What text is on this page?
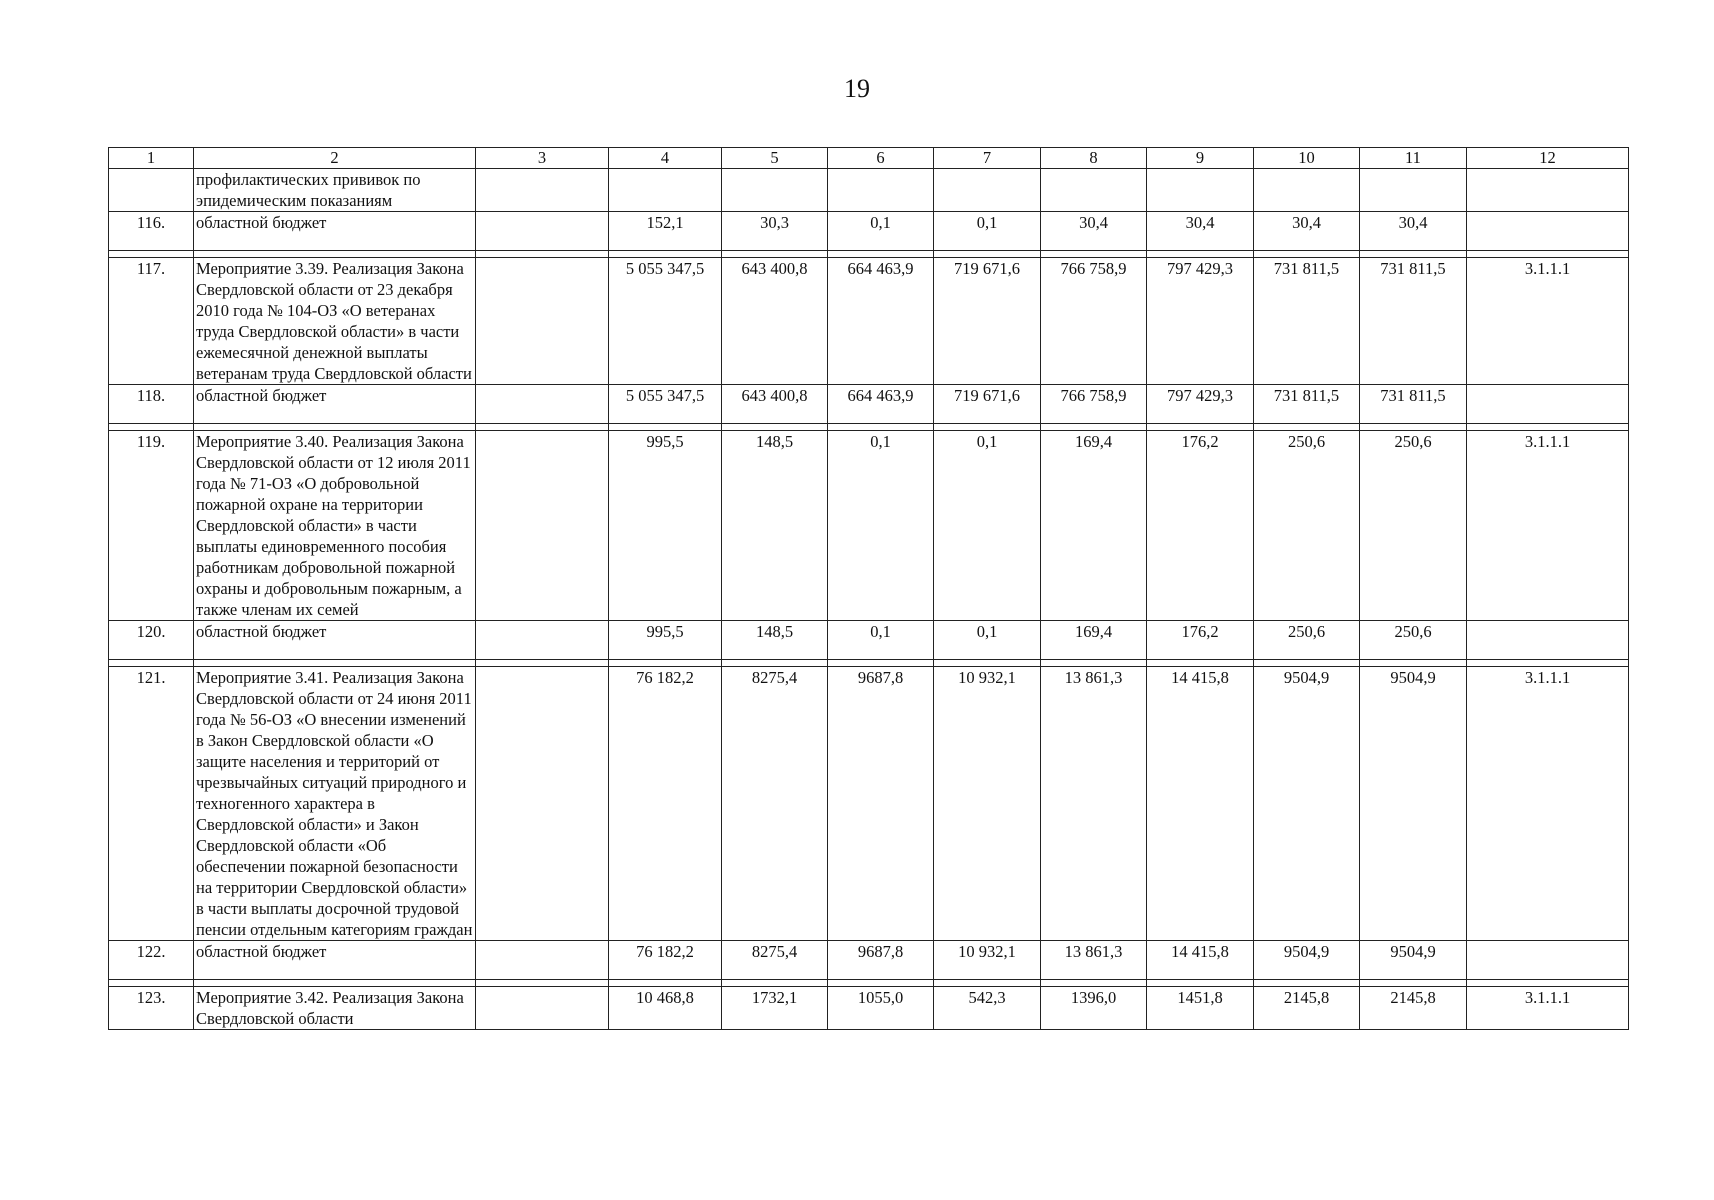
19
1	2	3	4	5	6	7	8	9	10	11	12
	профилактических прививок по эпидемическим показаниям										
116.	областной бюджет		152,1	30,3	0,1	0,1	30,4	30,4	30,4	30,4	

117.	Мероприятие 3.39. Реализация Закона Свердловской области от 23 декабря 2010 года № 104-ОЗ «О ветеранах труда Свердловской области» в части ежемесячной денежной выплаты ветеранам труда Свердловской области		5 055 347,5	643 400,8	664 463,9	719 671,6	766 758,9	797 429,3	731 811,5	731 811,5	3.1.1.1
118.	областной бюджет		5 055 347,5	643 400,8	664 463,9	719 671,6	766 758,9	797 429,3	731 811,5	731 811,5	

119.	Мероприятие 3.40. Реализация Закона Свердловской области от 12 июля 2011 года № 71-ОЗ «О добровольной пожарной охране на территории Свердловской области» в части выплаты единовременного пособия работникам добровольной пожарной охраны и добровольным пожарным, а также членам их семей		995,5	148,5	0,1	0,1	169,4	176,2	250,6	250,6	3.1.1.1
120.	областной бюджет		995,5	148,5	0,1	0,1	169,4	176,2	250,6	250,6	

121.	Мероприятие 3.41. Реализация Закона Свердловской области от 24 июня 2011 года № 56-ОЗ «О внесении изменений в Закон Свердловской области «О защите населения и территорий от чрезвычайных ситуаций природного и техногенного характера в Свердловской области» и Закон Свердловской области «Об обеспечении пожарной безопасности на территории Свердловской области» в части выплаты досрочной трудовой пенсии отдельным категориям граждан		76 182,2	8275,4	9687,8	10 932,1	13 861,3	14 415,8	9504,9	9504,9	3.1.1.1
122.	областной бюджет		76 182,2	8275,4	9687,8	10 932,1	13 861,3	14 415,8	9504,9	9504,9	

123.	Мероприятие 3.42. Реализация Закона Свердловской области		10 468,8	1732,1	1055,0	542,3	1396,0	1451,8	2145,8	2145,8	3.1.1.1
